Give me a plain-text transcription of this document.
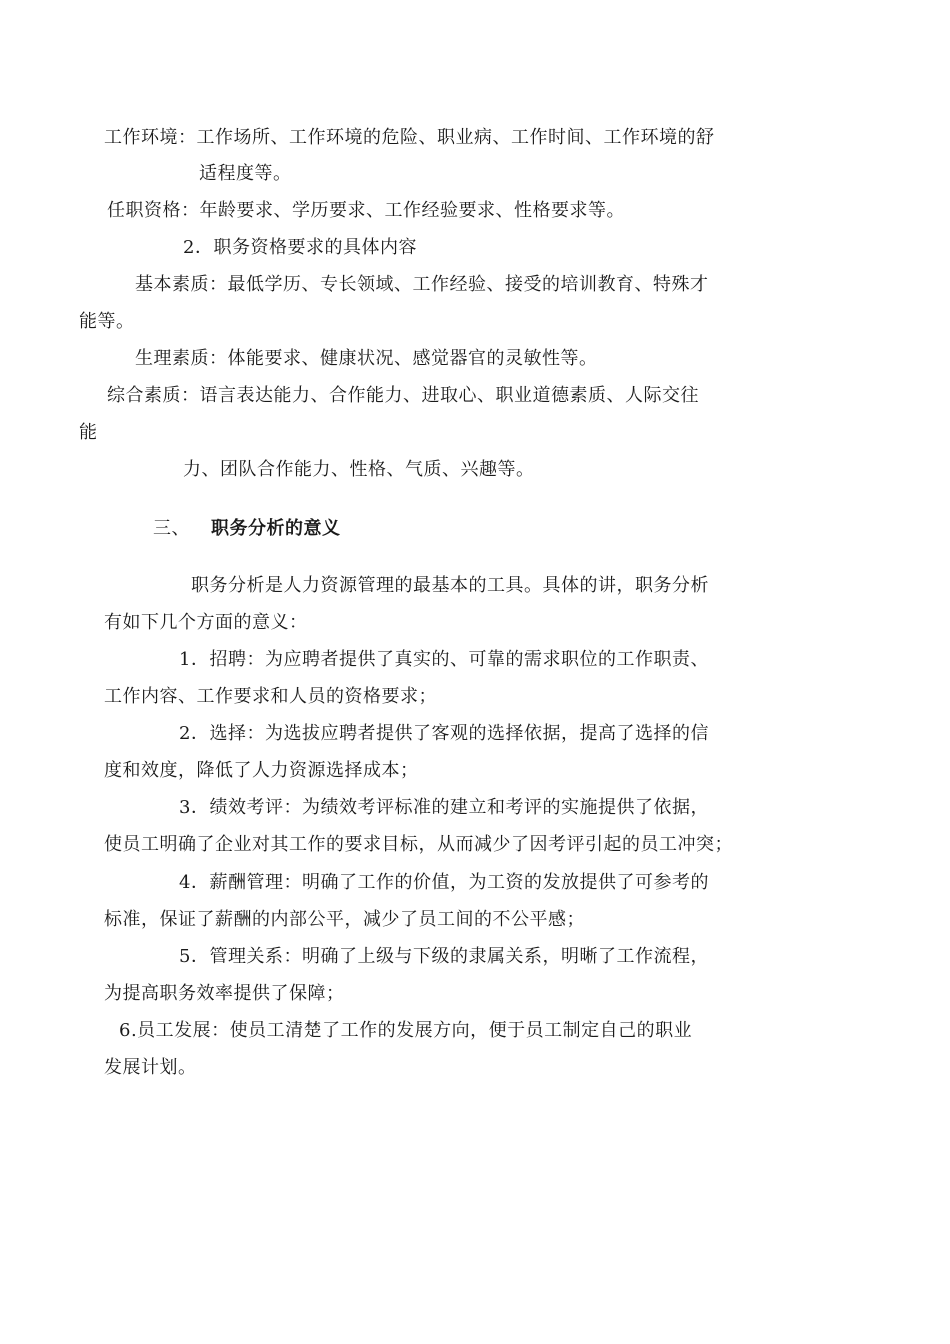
工作环境：工作场所、工作环境的危险、职业病、工作时间、工作环境的舒
适程度等。
任职资格：年龄要求、学历要求、工作经验要求、性格要求等。
2．职务资格要求的具体内容
基本素质：最低学历、专长领域、工作经验、接受的培训教育、特殊才
能等。
生理素质：体能要求、健康状况、感觉器官的灵敏性等。
综合素质：语言表达能力、合作能力、进取心、职业道德素质、人际交往
能
力、团队合作能力、性格、气质、兴趣等。
三、 职务分析的意义
职务分析是人力资源管理的最基本的工具。具体的讲，职务分析
有如下几个方面的意义：
1．招聘：为应聘者提供了真实的、可靠的需求职位的工作职责、
工作内容、工作要求和人员的资格要求；
2．选择：为选拔应聘者提供了客观的选择依据，提高了选择的信
度和效度，降低了人力资源选择成本；
3．绩效考评：为绩效考评标准的建立和考评的实施提供了依据，
使员工明确了企业对其工作的要求目标，从而减少了因考评引起的员工冲突；
4．薪酬管理：明确了工作的价值，为工资的发放提供了可参考的
标准，保证了薪酬的内部公平，减少了员工间的不公平感；
5．管理关系：明确了上级与下级的隶属关系，明晰了工作流程，
为提高职务效率提供了保障；
6.员工发展：使员工清楚了工作的发展方向，便于员工制定自己的职业
发展计划。
